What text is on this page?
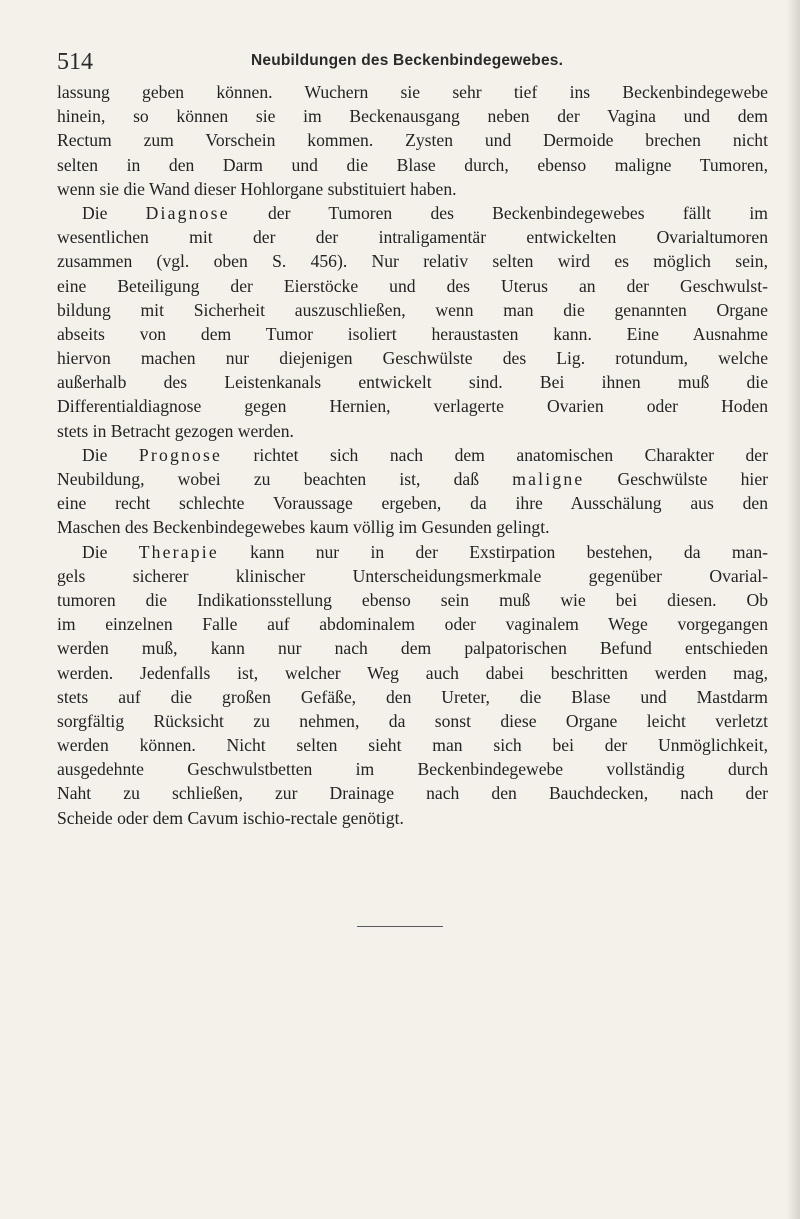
514	Neubildungen des Beckenbindegewebes.
lassung geben können. Wuchern sie sehr tief ins Beckenbindegewebe
hinein, so können sie im Beckenausgang neben der Vagina und dem
Rectum zum Vorschein kommen. Zysten und Dermoide brechen nicht
selten in den Darm und die Blase durch, ebenso maligne Tumoren,
wenn sie die Wand dieser Hohlorgane substituiert haben.
Die Diagnose der Tumoren des Beckenbindegewebes fällt im
wesentlichen mit der der intraligamentär entwickelten Ovarialtumoren
zusammen (vgl. oben S. 456). Nur relativ selten wird es möglich sein,
eine Beteiligung der Eierstöcke und des Uterus an der Geschwulst-
bildung mit Sicherheit auszuschließen, wenn man die genannten Organe
abseits von dem Tumor isoliert heraustasten kann. Eine Ausnahme
hiervon machen nur diejenigen Geschwülste des Lig. rotundum, welche
außerhalb des Leistenkanals entwickelt sind. Bei ihnen muß die
Differentialdiagnose gegen Hernien, verlagerte Ovarien oder Hoden
stets in Betracht gezogen werden.
Die Prognose richtet sich nach dem anatomischen Charakter der
Neubildung, wobei zu beachten ist, daß maligne Geschwülste hier
eine recht schlechte Voraussage ergeben, da ihre Ausschälung aus den
Maschen des Beckenbindegewebes kaum völlig im Gesunden gelingt.
Die Therapie kann nur in der Exstirpation bestehen, da man-
gels sicherer klinischer Unterscheidungsmerkmale gegenüber Ovarial-
tumoren die Indikationsstellung ebenso sein muß wie bei diesen. Ob
im einzelnen Falle auf abdominalem oder vaginalem Wege vorgegangen
werden muß, kann nur nach dem palpatorischen Befund entschieden
werden. Jedenfalls ist, welcher Weg auch dabei beschritten werden mag,
stets auf die großen Gefäße, den Ureter, die Blase und Mastdarm
sorgfältig Rücksicht zu nehmen, da sonst diese Organe leicht verletzt
werden können. Nicht selten sieht man sich bei der Unmöglichkeit,
ausgedehnte Geschwulstbetten im Beckenbindegewebe vollständig durch
Naht zu schließen, zur Drainage nach den Bauchdecken, nach der
Scheide oder dem Cavum ischio-rectale genötigt.
